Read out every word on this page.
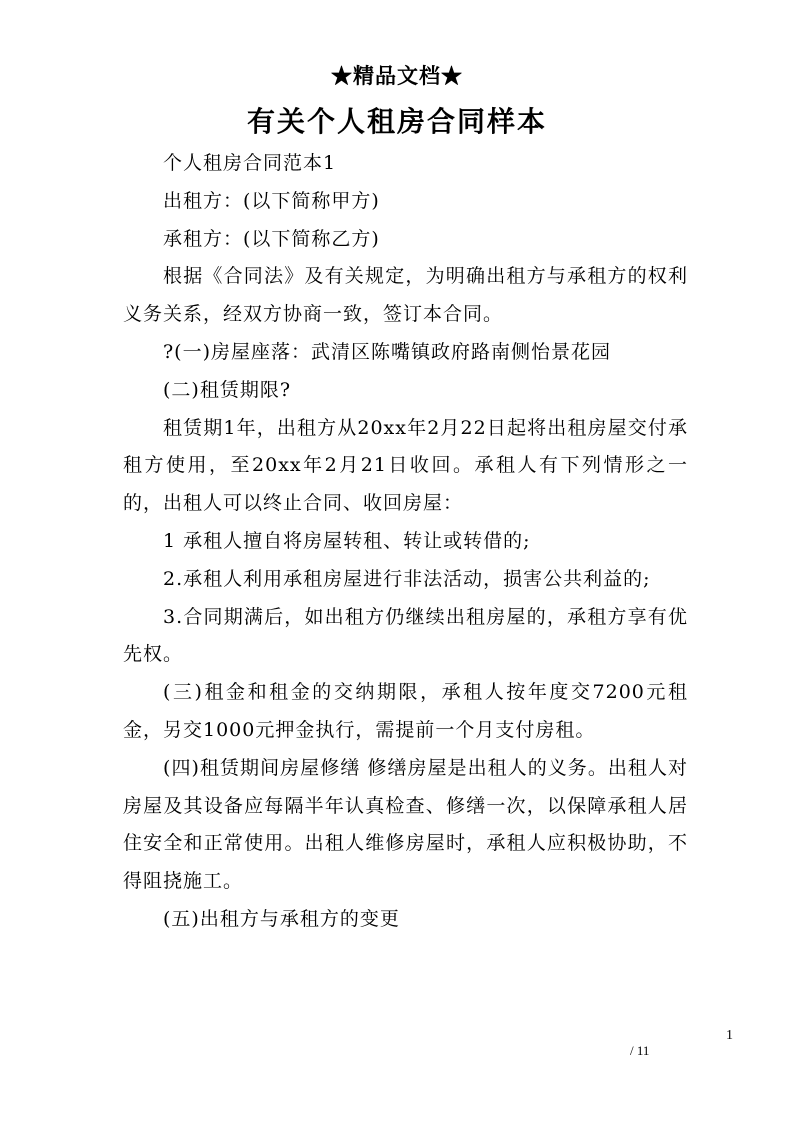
★精品文档★
有关个人租房合同样本

个人租房合同范本1

出租方：(以下简称甲方)

承租方：(以下简称乙方)

根据《合同法》及有关规定，为明确出租方与承租方的权利义务关系，经双方协商一致，签订本合同。

?(一)房屋座落：武清区陈嘴镇政府路南侧怡景花园

(二)租赁期限?

租赁期1年，出租方从20xx年2月22日起将出租房屋交付承租方使用，至20xx年2月21日收回。承租人有下列情形之一的，出租人可以终止合同、收回房屋：

1 承租人擅自将房屋转租、转让或转借的;

2.承租人利用承租房屋进行非法活动，损害公共利益的;

3.合同期满后，如出租方仍继续出租房屋的，承租方享有优先权。

(三)租金和租金的交纳期限，承租人按年度交7200元租金，另交1000元押金执行，需提前一个月支付房租。

(四)租赁期间房屋修缮 修缮房屋是出租人的义务。出租人对房屋及其设备应每隔半年认真检查、修缮一次，以保障承租人居住安全和正常使用。出租人维修房屋时，承租人应积极协助，不得阻挠施工。

(五)出租方与承租方的变更

1
/ 11
